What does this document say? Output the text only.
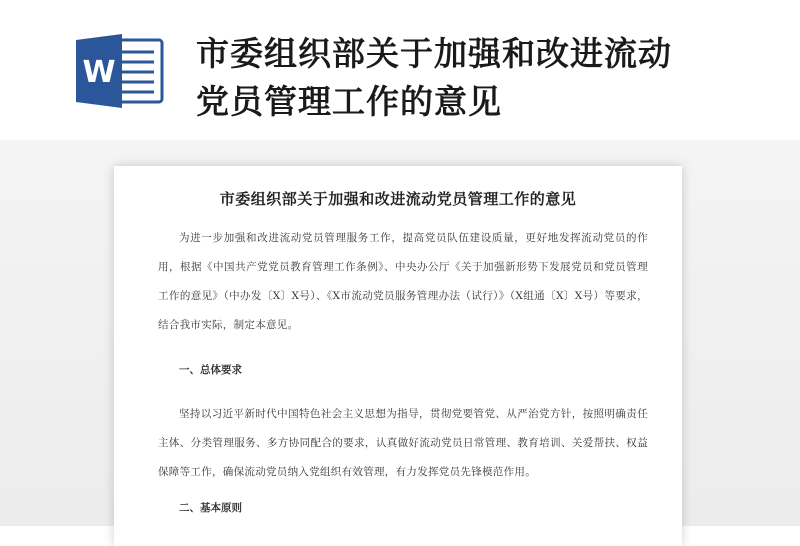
W 市委组织部关于加强和改进流动
党员管理工作的意见
市委组织部关于加强和改进流动党员管理工作的意见
为进一步加强和改进流动党员管理服务工作，提高党员队伍建设质量，更好地发挥流动党员的作用，根据《中国共产党党员教育管理工作条例》、中央办公厅《关于加强新形势下发展党员和党员管理工作的意见》（中办发〔X〕X号）、《X市流动党员服务管理办法（试行）》（X组通〔X〕X号）等要求，结合我市实际，制定本意见。
一、总体要求
坚持以习近平新时代中国特色社会主义思想为指导，贯彻党要管党、从严治党方针，按照明确责任主体、分类管理服务、多方协同配合的要求，认真做好流动党员日常管理、教育培训、关爱帮扶、权益保障等工作，确保流动党员纳入党组织有效管理，有力发挥党员先锋模范作用。
二、基本原则
